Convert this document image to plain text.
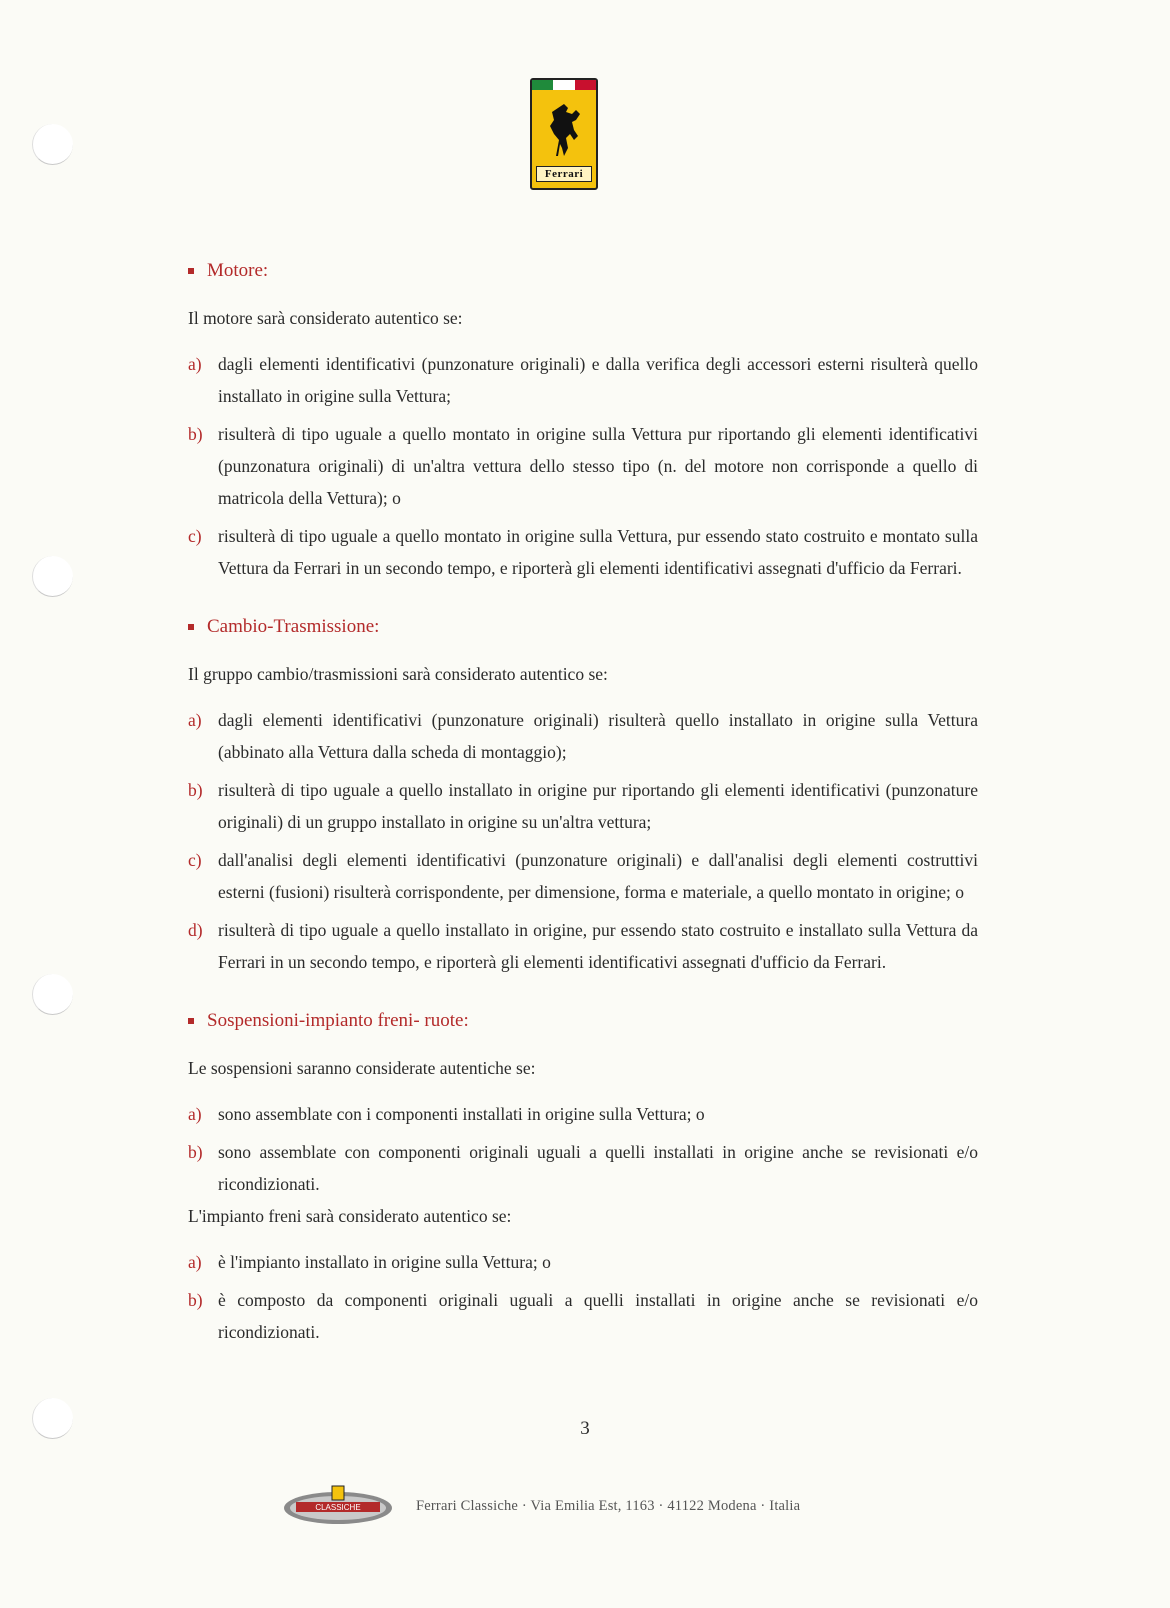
Ferrari
Motore:
Il motore sarà considerato autentico se:
a) dagli elementi identificativi (punzonature originali) e dalla verifica degli accessori esterni risulterà quello installato in origine sulla Vettura;
b) risulterà di tipo uguale a quello montato in origine sulla Vettura pur riportando gli elementi identificativi (punzonatura originali) di un'altra vettura dello stesso tipo (n. del motore non corrisponde a quello di matricola della Vettura); o
c) risulterà di tipo uguale a quello montato in origine sulla Vettura, pur essendo stato costruito e montato sulla Vettura da Ferrari in un secondo tempo, e riporterà gli elementi identificativi assegnati d'ufficio da Ferrari.
Cambio-Trasmissione:
Il gruppo cambio/trasmissioni sarà considerato autentico se:
a) dagli elementi identificativi (punzonature originali) risulterà quello installato in origine sulla Vettura (abbinato alla Vettura dalla scheda di montaggio);
b) risulterà di tipo uguale a quello installato in origine pur riportando gli elementi identificativi (punzonature originali) di un gruppo installato in origine su un'altra vettura;
c) dall'analisi degli elementi identificativi (punzonature originali) e dall'analisi degli elementi costruttivi esterni (fusioni) risulterà corrispondente, per dimensione, forma e materiale, a quello montato in origine; o
d) risulterà di tipo uguale a quello installato in origine, pur essendo stato costruito e installato sulla Vettura da Ferrari in un secondo tempo, e riporterà gli elementi identificativi assegnati d'ufficio da Ferrari.
Sospensioni-impianto freni- ruote:
Le sospensioni saranno considerate autentiche se:
a) sono assemblate con i componenti installati in origine sulla Vettura; o
b) sono assemblate con componenti originali uguali a quelli installati in origine anche se revisionati e/o ricondizionati.
L'impianto freni sarà considerato autentico se:
a) è l'impianto installato in origine sulla Vettura; o
b) è composto da componenti originali uguali a quelli installati in origine anche se revisionati e/o ricondizionati.
3
CLASSICHE	Ferrari Classiche · Via Emilia Est, 1163 · 41122 Modena · Italia
